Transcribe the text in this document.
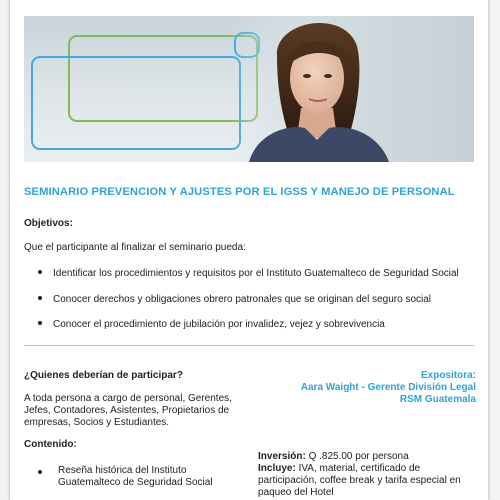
SEMINARIO PREVENCION Y AJUSTES POR EL IGSS Y MANEJO DE PERSONAL
Objetivos:
Que el participante al finalizar el seminario pueda:
Identificar los procedimientos y requisitos por el Instituto Guatemalteco de Seguridad Social
Conocer derechos y obligaciones obrero patronales que se originan del seguro social
Conocer el procedimiento de jubilación por invalidez, vejez y sobrevivencia
¿Quienes deberían de participar?
A toda persona a cargo de personal, Gerentes, Jefes, Contadores, Asistentes, Propietarios de empresas, Socios y Estudiantes.
Contenido:
Reseña histórica del Instituto Guatemalteco de Seguridad Social
Expositora:
Aara Waight - Gerente División Legal
RSM Guatemala
Inversión: Q .825.00 por persona
Incluye: IVA, material, certificado de participación, coffee break y tarifa especial en paqueo del Hotel
